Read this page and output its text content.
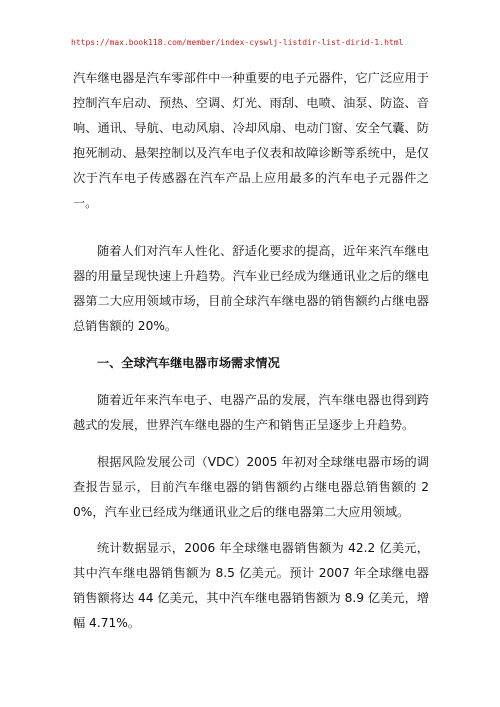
https://max.book118.com/member/index-cyswlj-listdir-list-dirid-1.html

汽车继电器是汽车零部件中一种重要的电子元器件，它广泛应用于控制汽车启动、预热、空调、灯光、雨刮、电喷、油泵、防盗、音响、通讯、导航、电动风扇、冷却风扇、电动门窗、安全气囊、防抱死制动、悬架控制以及汽车电子仪表和故障诊断等系统中，是仅次于汽车电子传感器在汽车产品上应用最多的汽车电子元器件之一。

随着人们对汽车人性化、舒适化要求的提高，近年来汽车继电器的用量呈现快速上升趋势。汽车业已经成为继通讯业之后的继电器第二大应用领域市场，目前全球汽车继电器的销售额约占继电器总销售额的 20%。

一、全球汽车继电器市场需求情况

随着近年来汽车电子、电器产品的发展，汽车继电器也得到跨越式的发展，世界汽车继电器的生产和销售正呈逐步上升趋势。

根据风险发展公司（VDC）2005 年初对全球继电器市场的调查报告显示，目前汽车继电器的销售额约占继电器总销售额的 20%，汽车业已经成为继通讯业之后的继电器第二大应用领域。

统计数据显示，2006 年全球继电器销售额为 42.2 亿美元，其中汽车继电器销售额为 8.5 亿美元。预计 2007 年全球继电器销售额将达 44 亿美元，其中汽车继电器销售额为 8.9 亿美元，增幅 4.71%。
